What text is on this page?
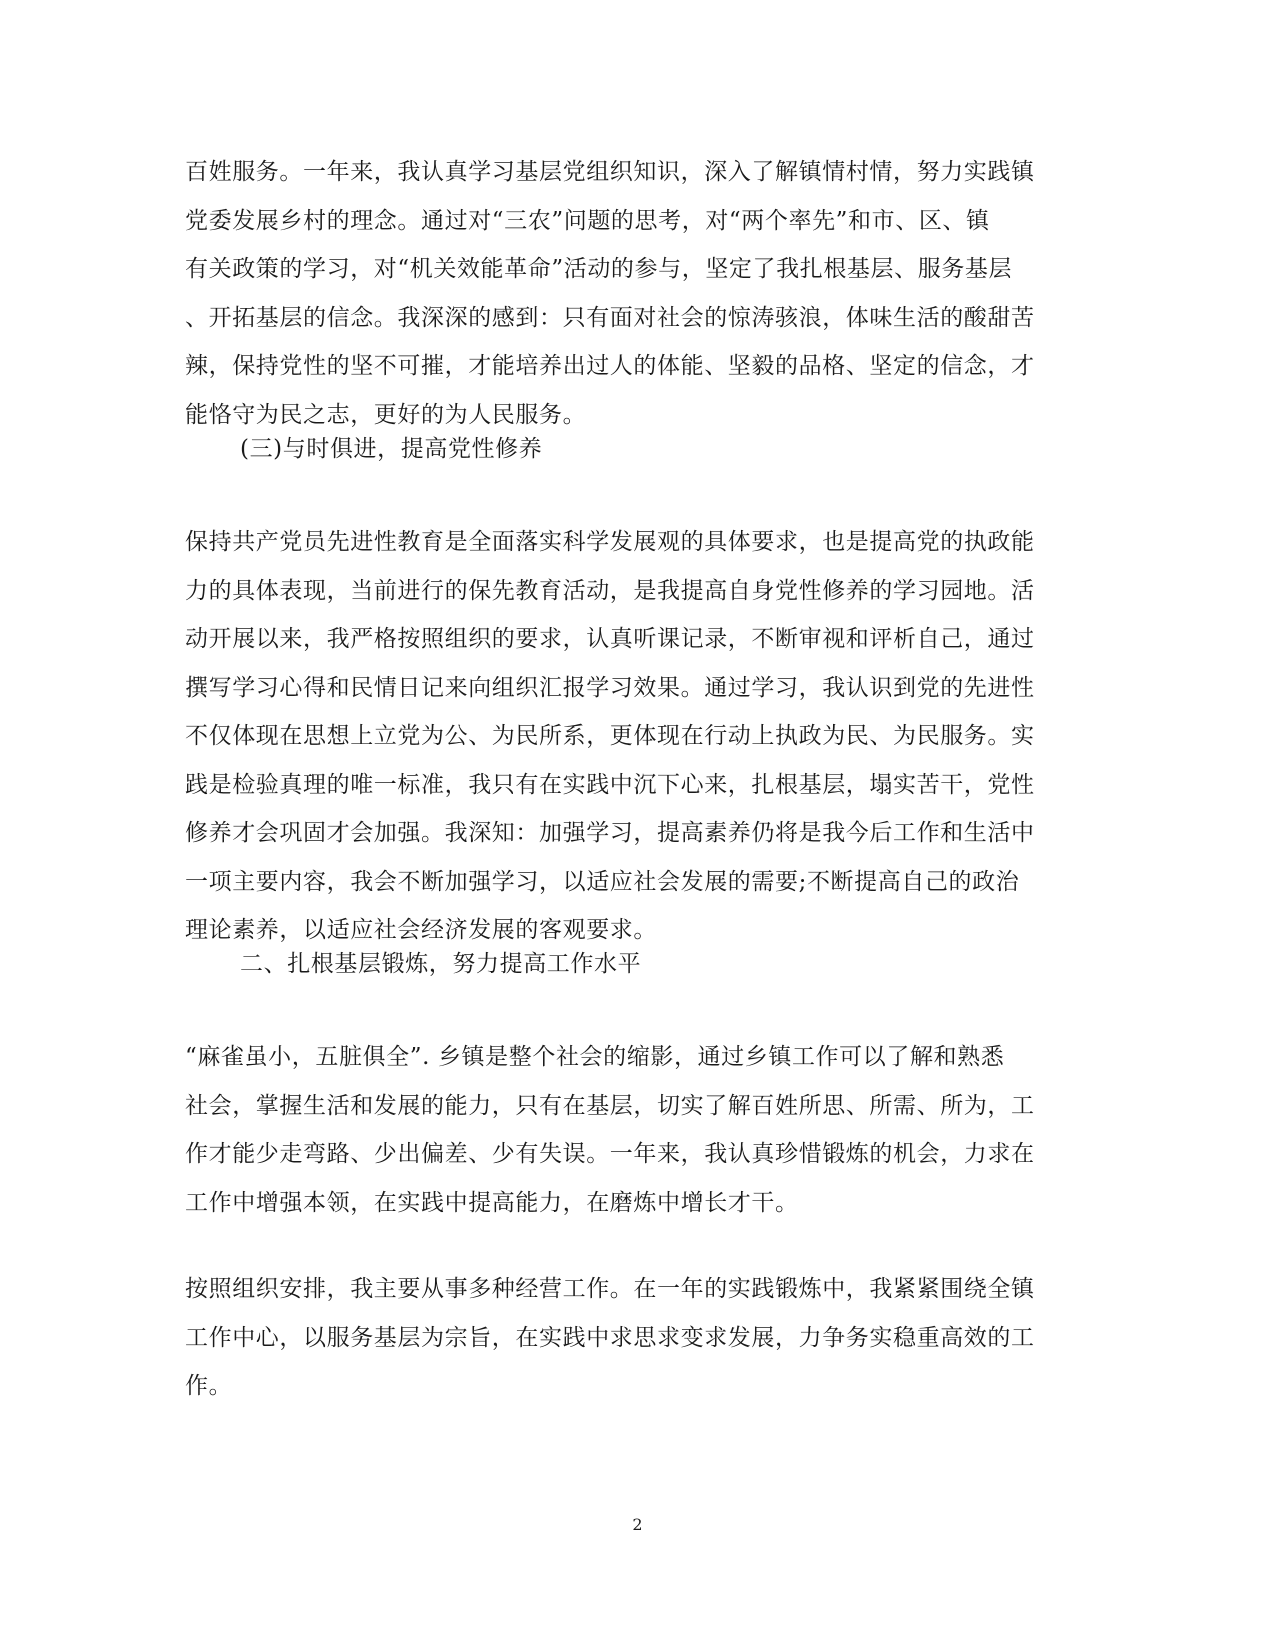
百姓服务。一年来，我认真学习基层党组织知识，深入了解镇情村情，努力实践镇
党委发展乡村的理念。通过对“三农”问题的思考，对“两个率先”和市、区、镇
有关政策的学习，对“机关效能革命”活动的参与，坚定了我扎根基层、服务基层
、开拓基层的信念。我深深的感到：只有面对社会的惊涛骇浪，体味生活的酸甜苦
辣，保持党性的坚不可摧，才能培养出过人的体能、坚毅的品格、坚定的信念，才
能恪守为民之志，更好的为人民服务。

(三)与时俱进，提高党性修养

保持共产党员先进性教育是全面落实科学发展观的具体要求，也是提高党的执政能
力的具体表现，当前进行的保先教育活动，是我提高自身党性修养的学习园地。活
动开展以来，我严格按照组织的要求，认真听课记录，不断审视和评析自己，通过
撰写学习心得和民情日记来向组织汇报学习效果。通过学习，我认识到党的先进性
不仅体现在思想上立党为公、为民所系，更体现在行动上执政为民、为民服务。实
践是检验真理的唯一标准，我只有在实践中沉下心来，扎根基层，塌实苦干，党性
修养才会巩固才会加强。我深知：加强学习，提高素养仍将是我今后工作和生活中
一项主要内容，我会不断加强学习，以适应社会发展的需要;不断提高自己的政治
理论素养，以适应社会经济发展的客观要求。

二、扎根基层锻炼，努力提高工作水平

“麻雀虽小，五脏俱全”. 乡镇是整个社会的缩影，通过乡镇工作可以了解和熟悉
社会，掌握生活和发展的能力，只有在基层，切实了解百姓所思、所需、所为，工
作才能少走弯路、少出偏差、少有失误。一年来，我认真珍惜锻炼的机会，力求在
工作中增强本领，在实践中提高能力，在磨炼中增长才干。

按照组织安排，我主要从事多种经营工作。在一年的实践锻炼中，我紧紧围绕全镇
工作中心，以服务基层为宗旨，在实践中求思求变求发展，力争务实稳重高效的工
作。

2
